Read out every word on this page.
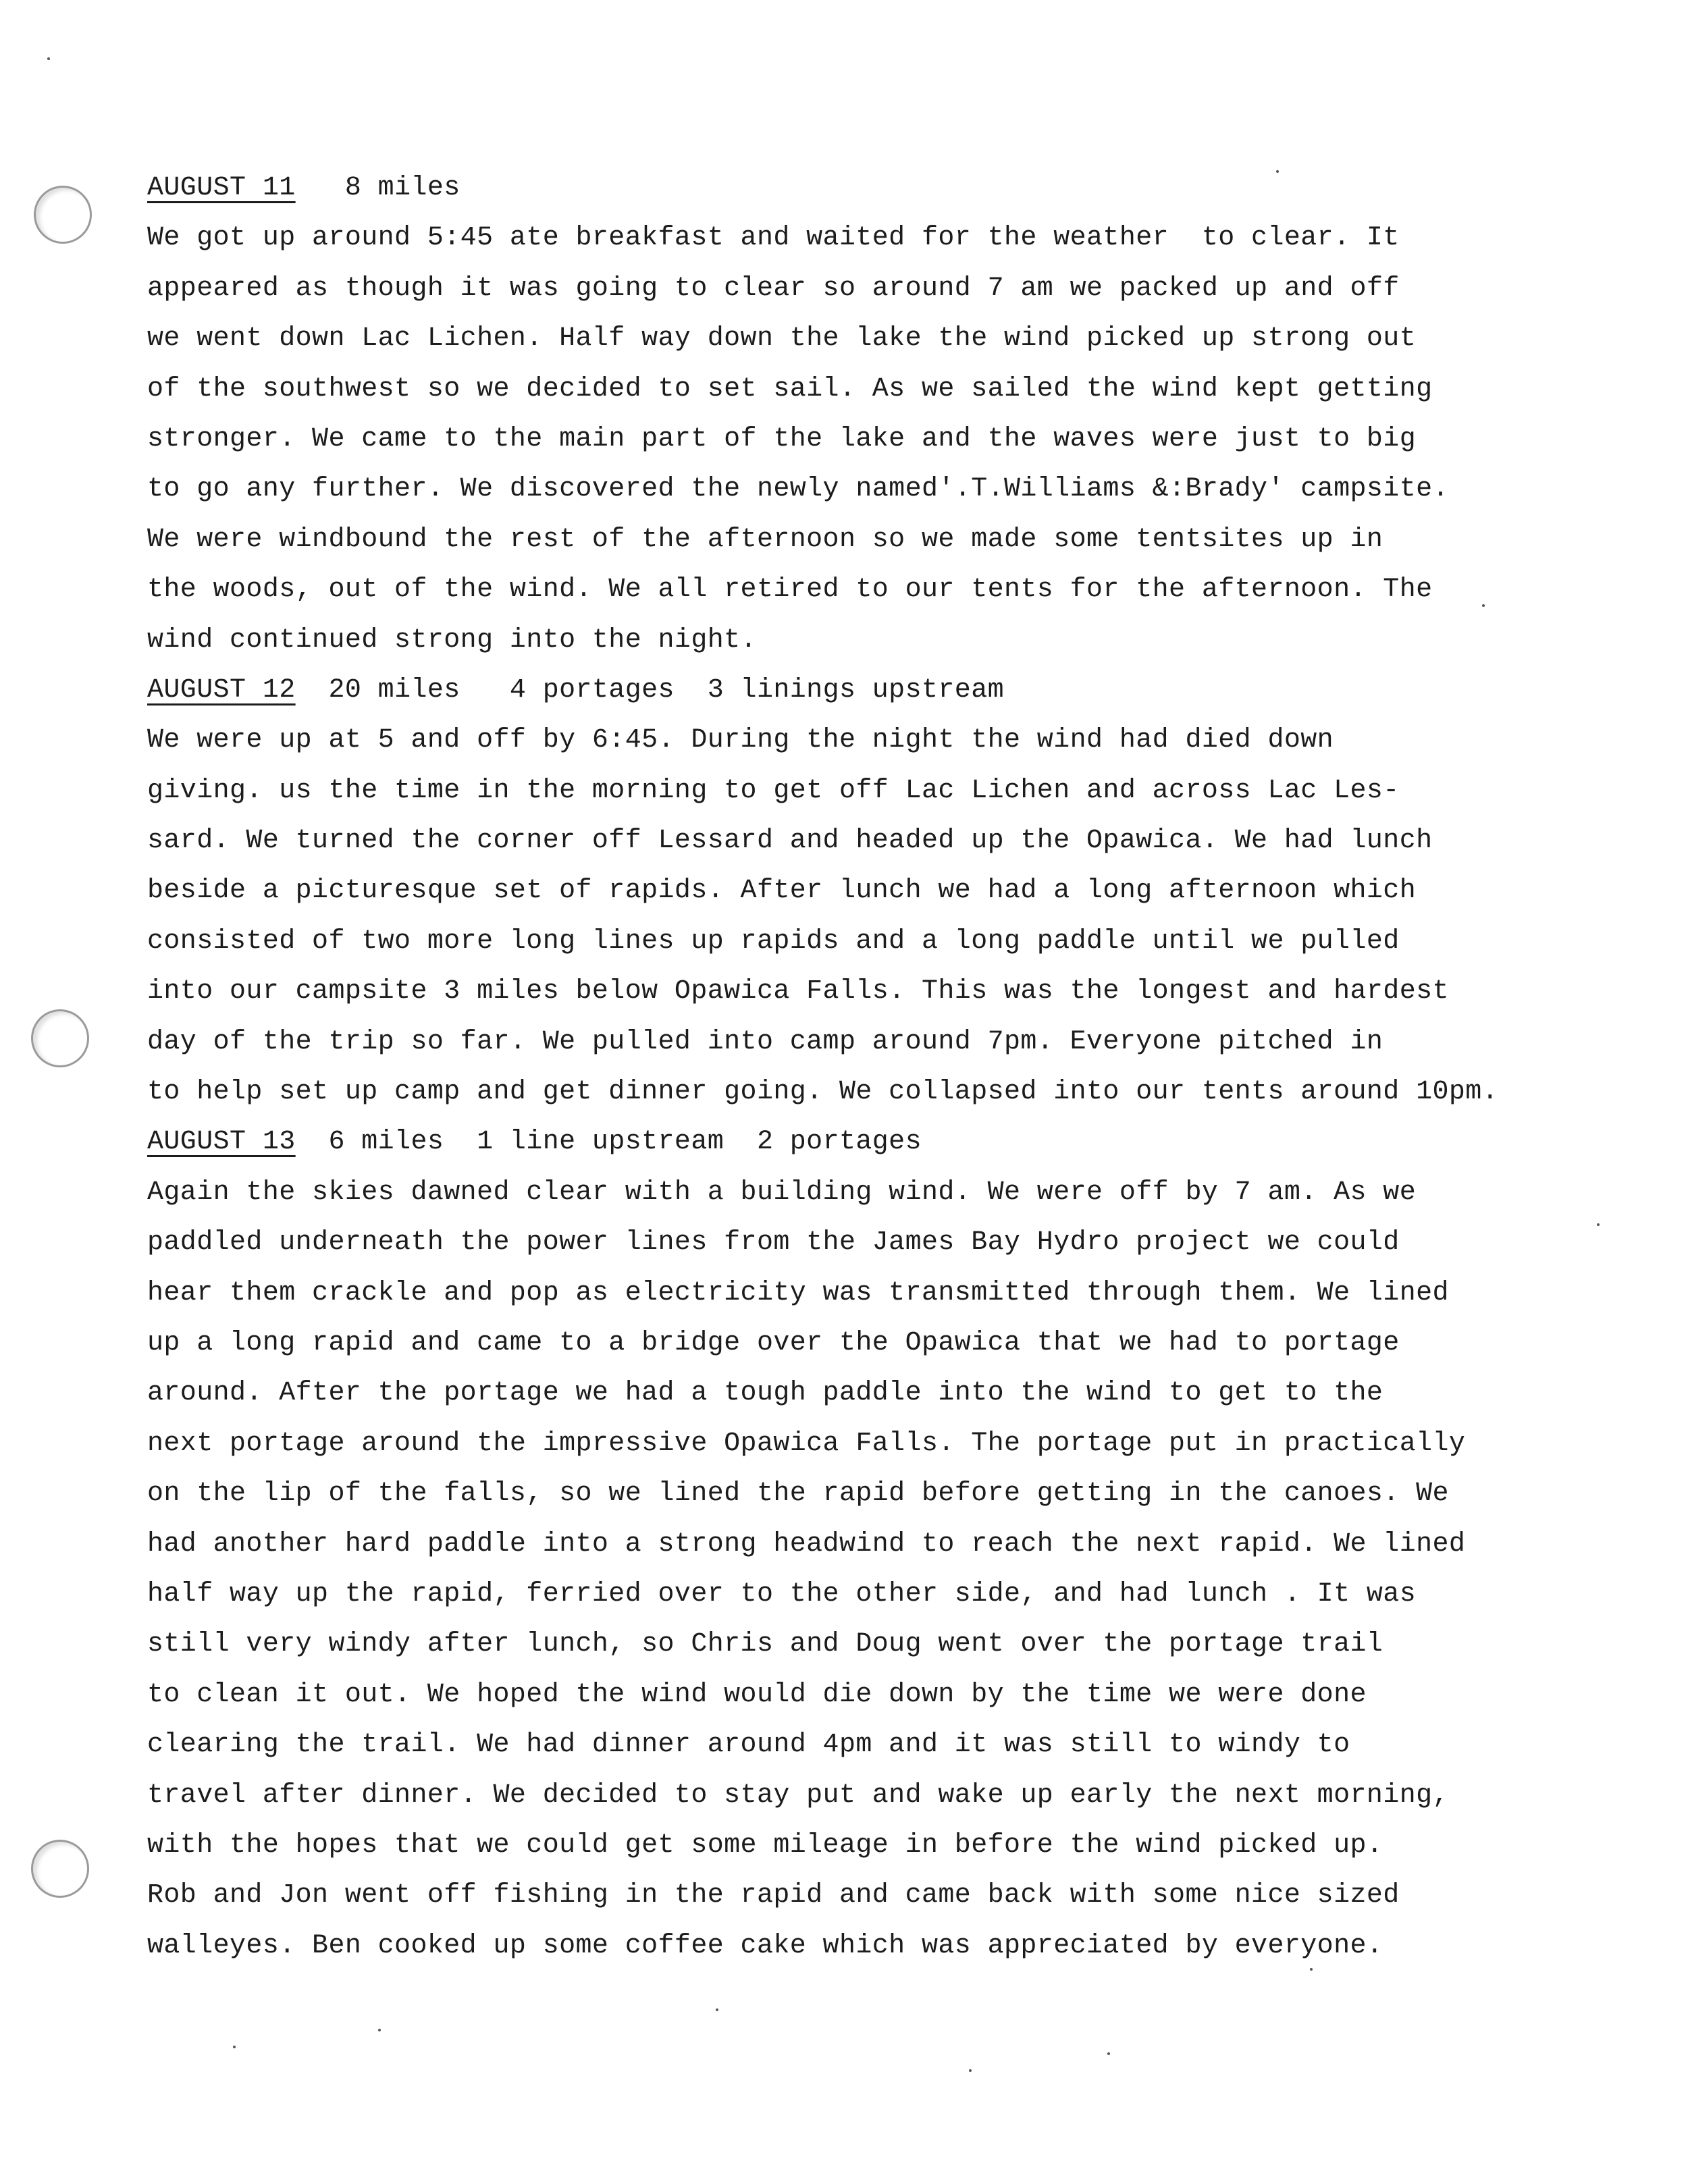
AUGUST 11   8 miles
We got up around 5:45 ate breakfast and waited for the weather  to clear. It
appeared as though it was going to clear so around 7 am we packed up and off
we went down Lac Lichen. Half way down the lake the wind picked up strong out
of the southwest so we decided to set sail. As we sailed the wind kept getting
stronger. We came to the main part of the lake and the waves were just to big
to go any further. We discovered the newly named'.T.Williams &:Brady' campsite.
We were windbound the rest of the afternoon so we made some tentsites up in
the woods, out of the wind. We all retired to our tents for the afternoon. The
wind continued strong into the night.
AUGUST 12  20 miles   4 portages  3 linings upstream
We were up at 5 and off by 6:45. During the night the wind had died down
giving. us the time in the morning to get off Lac Lichen and across Lac Les-
sard. We turned the corner off Lessard and headed up the Opawica. We had lunch
beside a picturesque set of rapids. After lunch we had a long afternoon which
consisted of two more long lines up rapids and a long paddle until we pulled
into our campsite 3 miles below Opawica Falls. This was the longest and hardest
day of the trip so far. We pulled into camp around 7pm. Everyone pitched in
to help set up camp and get dinner going. We collapsed into our tents around 10pm.
AUGUST 13  6 miles  1 line upstream  2 portages
Again the skies dawned clear with a building wind. We were off by 7 am. As we
paddled underneath the power lines from the James Bay Hydro project we could
hear them crackle and pop as electricity was transmitted through them. We lined
up a long rapid and came to a bridge over the Opawica that we had to portage
around. After the portage we had a tough paddle into the wind to get to the
next portage around the impressive Opawica Falls. The portage put in practically
on the lip of the falls, so we lined the rapid before getting in the canoes. We
had another hard paddle into a strong headwind to reach the next rapid. We lined
half way up the rapid, ferried over to the other side, and had lunch . It was
still very windy after lunch, so Chris and Doug went over the portage trail
to clean it out. We hoped the wind would die down by the time we were done
clearing the trail. We had dinner around 4pm and it was still to windy to
travel after dinner. We decided to stay put and wake up early the next morning,
with the hopes that we could get some mileage in before the wind picked up.
Rob and Jon went off fishing in the rapid and came back with some nice sized
walleyes. Ben cooked up some coffee cake which was appreciated by everyone.
